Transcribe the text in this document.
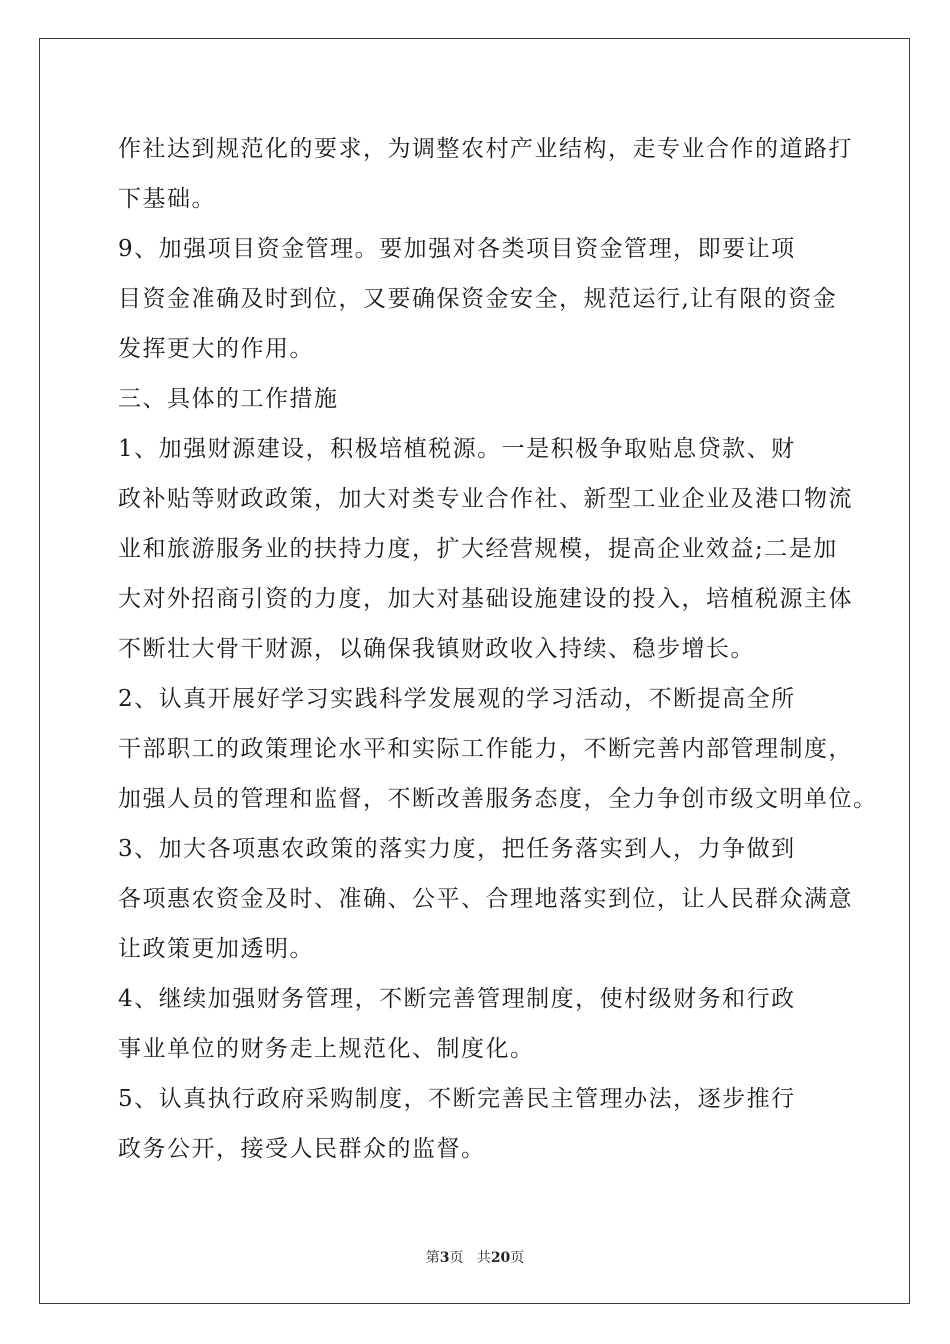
作社达到规范化的要求，为调整农村产业结构，走专业合作的道路打
下基础。
9、加强项目资金管理。要加强对各类项目资金管理，即要让项
目资金准确及时到位，又要确保资金安全，规范运行,让有限的资金
发挥更大的作用。
三、具体的工作措施
1、加强财源建设，积极培植税源。一是积极争取贴息贷款、财
政补贴等财政政策，加大对类专业合作社、新型工业企业及港口物流
业和旅游服务业的扶持力度，扩大经营规模，提高企业效益;二是加
大对外招商引资的力度，加大对基础设施建设的投入，培植税源主体
不断壮大骨干财源，以确保我镇财政收入持续、稳步增长。
2、认真开展好学习实践科学发展观的学习活动，不断提高全所
干部职工的政策理论水平和实际工作能力，不断完善内部管理制度，
加强人员的管理和监督，不断改善服务态度，全力争创市级文明单位。
3、加大各项惠农政策的落实力度，把任务落实到人，力争做到
各项惠农资金及时、准确、公平、合理地落实到位，让人民群众满意
让政策更加透明。
4、继续加强财务管理，不断完善管理制度，使村级财务和行政
事业单位的财务走上规范化、制度化。
5、认真执行政府采购制度，不断完善民主管理办法，逐步推行
政务公开，接受人民群众的监督。
第3页 共20页
